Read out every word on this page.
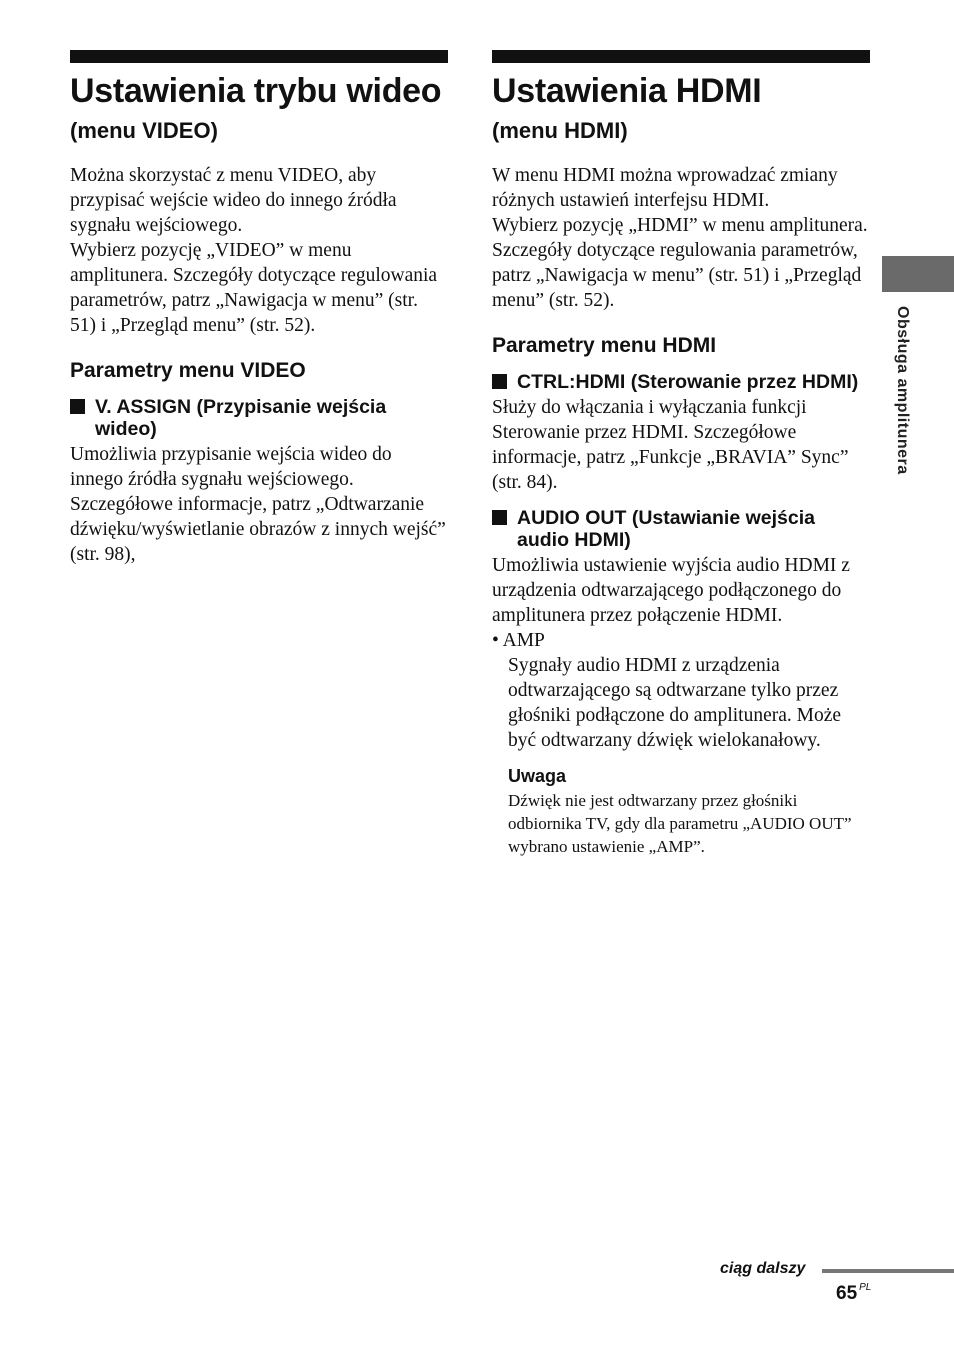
Ustawienia trybu wideo
(menu VIDEO)

Można skorzystać z menu VIDEO, aby przypisać wejście wideo do innego źródła sygnału wejściowego.

Wybierz pozycję „VIDEO” w menu amplitunera. Szczegóły dotyczące regulowania parametrów, patrz „Nawigacja w menu” (str. 51) i „Przegląd menu” (str. 52).

Parametry menu VIDEO
V. ASSIGN (Przypisanie wejścia wideo)

Umożliwia przypisanie wejścia wideo do innego źródła sygnału wejściowego. Szczegółowe informacje, patrz „Odtwarzanie dźwięku/wyświetlanie obrazów z innych wejść” (str. 98),

Ustawienia HDMI
(menu HDMI)

W menu HDMI można wprowadzać zmiany różnych ustawień interfejsu HDMI.

Wybierz pozycję „HDMI” w menu amplitunera. Szczegóły dotyczące regulowania parametrów, patrz „Nawigacja w menu” (str. 51) i „Przegląd menu” (str. 52).

Parametry menu HDMI
CTRL:HDMI (Sterowanie przez HDMI)

Służy do włączania i wyłączania funkcji Sterowanie przez HDMI. Szczegółowe informacje, patrz „Funkcje „BRAVIA” Sync” (str. 84).

AUDIO OUT (Ustawianie wejścia audio HDMI)

Umożliwia ustawienie wyjścia audio HDMI z urządzenia odtwarzającego podłączonego do amplitunera przez połączenie HDMI.

• AMP

Sygnały audio HDMI z urządzenia odtwarzającego są odtwarzane tylko przez głośniki podłączone do amplitunera. Może być odtwarzany dźwięk wielokanałowy.

Uwaga

Dźwięk nie jest odtwarzany przez głośniki odbiornika TV, gdy dla parametru „AUDIO OUT” wybrano ustawienie „AMP”.

Obsługa amplitunera
ciąg dalszy
65 $^{PL}$
